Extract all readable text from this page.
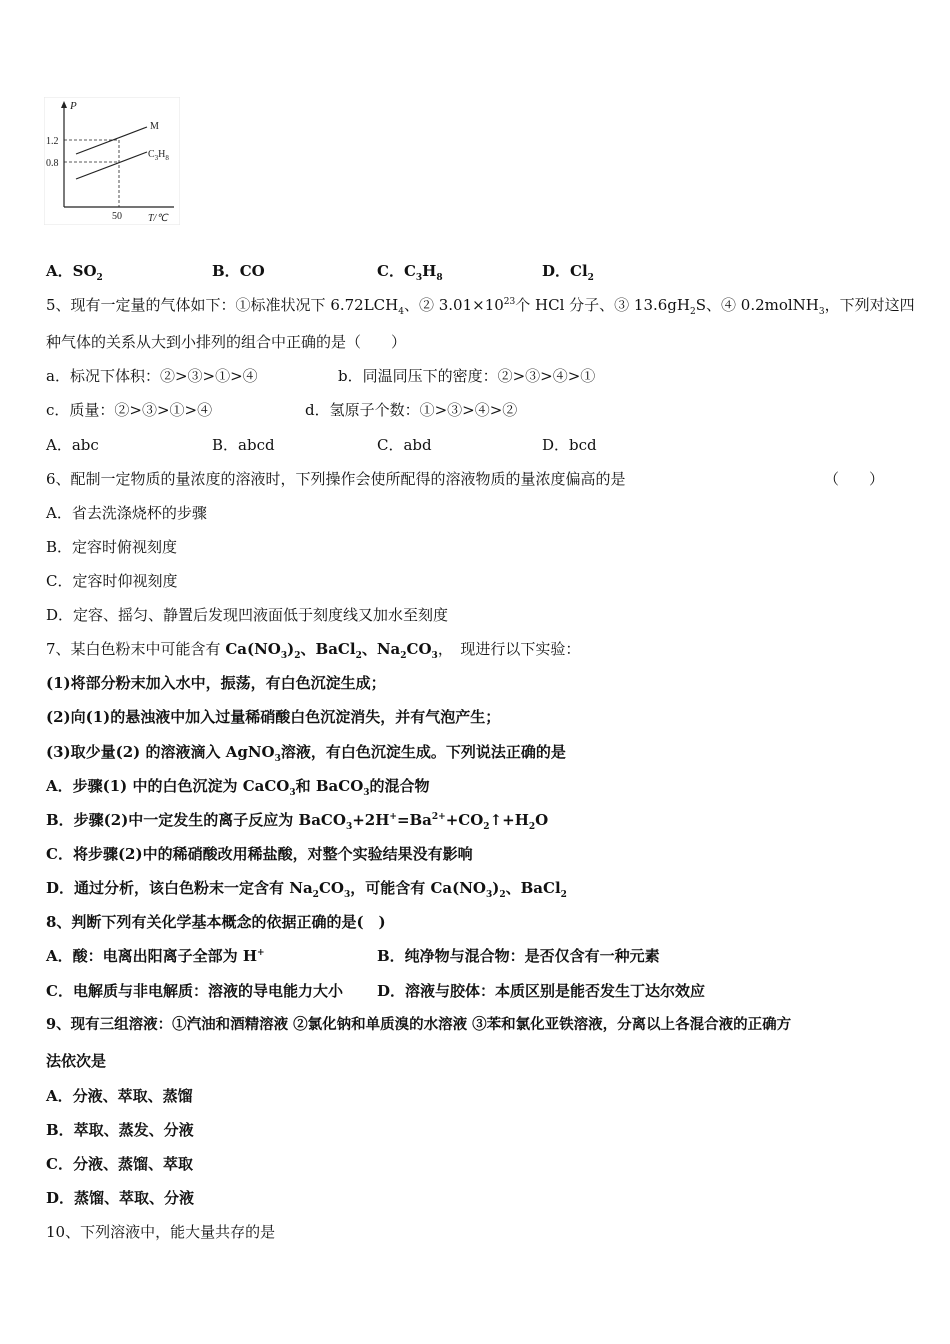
P
1.2
0.8
50	T/℃
M
$C_3H_8$
A．$SO_2$	B．CO	C．$C_3H_8$	D．$Cl_2$
5、现有一定量的气体如下：①标准状况下 $6.72LCH_4$、② $3.01\times 10^{23}$个 HCl 分子、③ $13.6gH_2S$、④ 0.2molNH$_3$，下列对这四
种气体的关系从大到小排列的组合中正确的是（　　）
a．标况下体积：②>③>①>④	b．同温同压下的密度：②>③>④>①
c．质量：②>③>①>④	d．氢原子个数：①>③>④>②
A．abc	B．abcd	C．abd	D．bcd
6、配制一定物质的量浓度的溶液时，下列操作会使所配得的溶液物质的量浓度偏高的是	（　　）
A．省去洗涤烧杯的步骤
B．定容时俯视刻度
C．定容时仰视刻度
D．定容、摇匀、静置后发现凹液面低于刻度线又加水至刻度
7、某白色粉末中可能含有 $Ca(NO_3)_2$、BaCl$_2$、$Na_2CO_3$，　现进行以下实验：
(1)将部分粉末加入水中，振荡，有白色沉淀生成；
(2)向(1)的悬浊液中加入过量稀硝酸白色沉淀消失，并有气泡产生；
(3)取少量(2) 的溶液滴入 AgNO$_3$溶液，有白色沉淀生成。下列说法正确的是
A．步骤(1) 中的白色沉淀为 CaCO$_3$和 BaCO$_3$的混合物
B．步骤(2)中一定发生的离子反应为 $BaCO_3+2H^+=Ba^{2+}+CO_2↑+H_2O$
C．将步骤(2)中的稀硝酸改用稀盐酸，对整个实验结果没有影响
D．通过分析，该白色粉末一定含有 $Na_2CO_3$，可能含有 $Ca(NO_3)_2$、BaCl$_2$
8、判断下列有关化学基本概念的依据正确的是(　)
A．酸：电离出阳离子全部为 H+	B．纯净物与混合物：是否仅含有一种元素
C．电解质与非电解质：溶液的导电能力大小 D．溶液与胶体：本质区别是能否发生丁达尔效应
9、现有三组溶液：①汽油和酒精溶液 ②氯化钠和单质溴的水溶液 ③苯和氯化亚铁溶液，分离以上各混合液的正确方
法依次是
A．分液、萃取、蒸馏
B．萃取、蒸发、分液
C．分液、蒸馏、萃取
D．蒸馏、萃取、分液
10、下列溶液中，能大量共存的是
